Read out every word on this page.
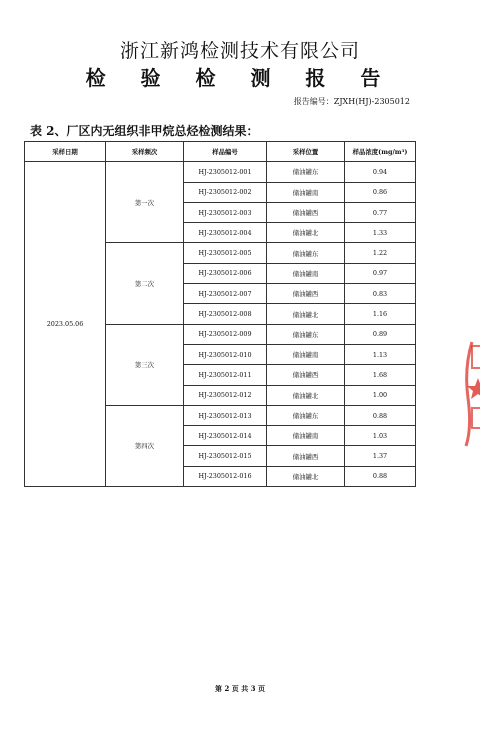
浙江新鸿检测技术有限公司
检 验 检 测 报 告
报告编号：ZJXH(HJ)-2305012
表 2、厂区内无组织非甲烷总烃检测结果：
采样日期	采样频次	样品编号	采样位置	样品浓度(mg/m³)
2023.05.06	第一次	HJ-2305012-001	储油罐东	0.94
		HJ-2305012-002	储油罐南	0.86
		HJ-2305012-003	储油罐西	0.77
		HJ-2305012-004	储油罐北	1.33
	第二次	HJ-2305012-005	储油罐东	1.22
		HJ-2305012-006	储油罐南	0.97
		HJ-2305012-007	储油罐西	0.83
		HJ-2305012-008	储油罐北	1.16
	第三次	HJ-2305012-009	储油罐东	0.89
		HJ-2305012-010	储油罐南	1.13
		HJ-2305012-011	储油罐西	1.68
		HJ-2305012-012	储油罐北	1.00
	第四次	HJ-2305012-013	储油罐东	0.88
		HJ-2305012-014	储油罐南	1.03
		HJ-2305012-015	储油罐西	1.37
		HJ-2305012-016	储油罐北	0.88
第 2 页 共 3 页
